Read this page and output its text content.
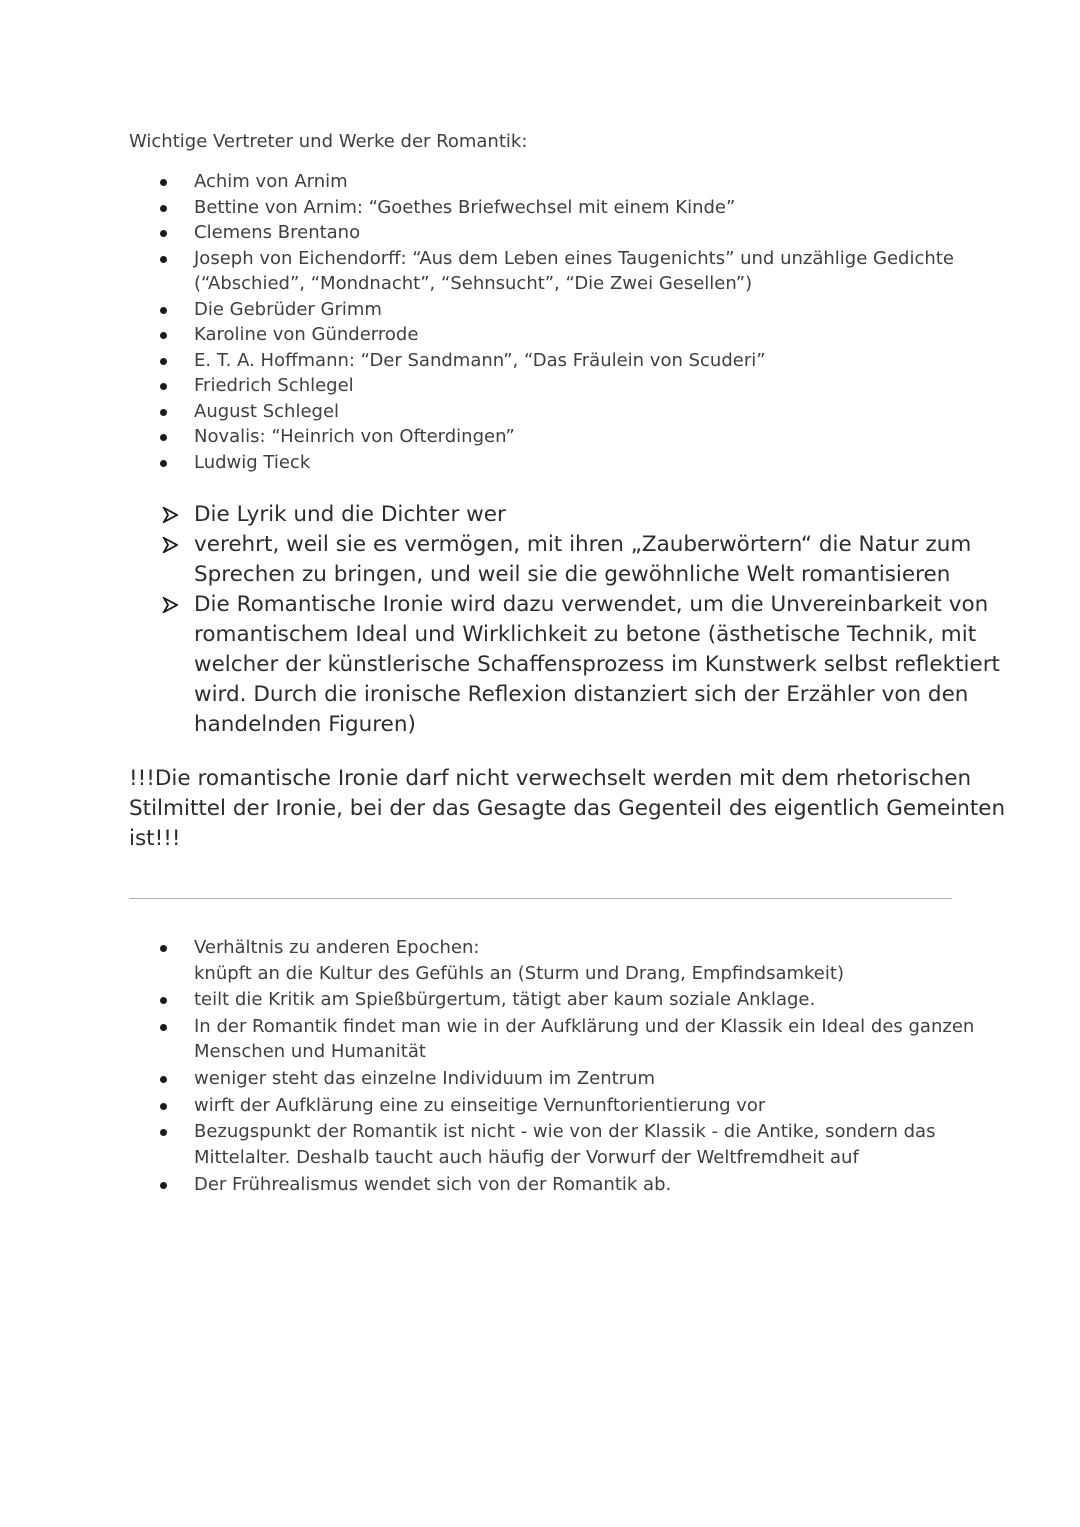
Wichtige Vertreter und Werke der Romantik:
Achim von Arnim
Bettine von Arnim: “Goethes Briefwechsel mit einem Kinde”
Clemens Brentano
Joseph von Eichendorff: “Aus dem Leben eines Taugenichts” und unzählige Gedichte
(“Abschied”, “Mondnacht”, “Sehnsucht”, “Die Zwei Gesellen”)
Die Gebrüder Grimm
Karoline von Günderrode
E. T. A. Hoffmann: “Der Sandmann”, “Das Fräulein von Scuderi”
Friedrich Schlegel
August Schlegel
Novalis: “Heinrich von Ofterdingen”
Ludwig Tieck
Die Lyrik und die Dichter wer
verehrt, weil sie es vermögen, mit ihren „Zauberwörtern“ die Natur zum
Sprechen zu bringen, und weil sie die gewöhnliche Welt romantisieren
Die Romantische Ironie wird dazu verwendet, um die Unvereinbarkeit von
romantischem Ideal und Wirklichkeit zu betone (ästhetische Technik, mit
welcher der künstlerische Schaffensprozess im Kunstwerk selbst reflektiert
wird. Durch die ironische Reflexion distanziert sich der Erzähler von den
handelnden Figuren)
!!!Die romantische Ironie darf nicht verwechselt werden mit dem rhetorischen
Stilmittel der Ironie, bei der das Gesagte das Gegenteil des eigentlich Gemeinten
ist!!!
Verhältnis zu anderen Epochen:
knüpft an die Kultur des Gefühls an (Sturm und Drang, Empfindsamkeit)
teilt die Kritik am Spießbürgertum, tätigt aber kaum soziale Anklage.
In der Romantik findet man wie in der Aufklärung und der Klassik ein Ideal des ganzen
Menschen und Humanität
weniger steht das einzelne Individuum im Zentrum
wirft der Aufklärung eine zu einseitige Vernunftorientierung vor
Bezugspunkt der Romantik ist nicht - wie von der Klassik - die Antike, sondern das
Mittelalter. Deshalb taucht auch häufig der Vorwurf der Weltfremdheit auf
Der Frührealismus wendet sich von der Romantik ab.
